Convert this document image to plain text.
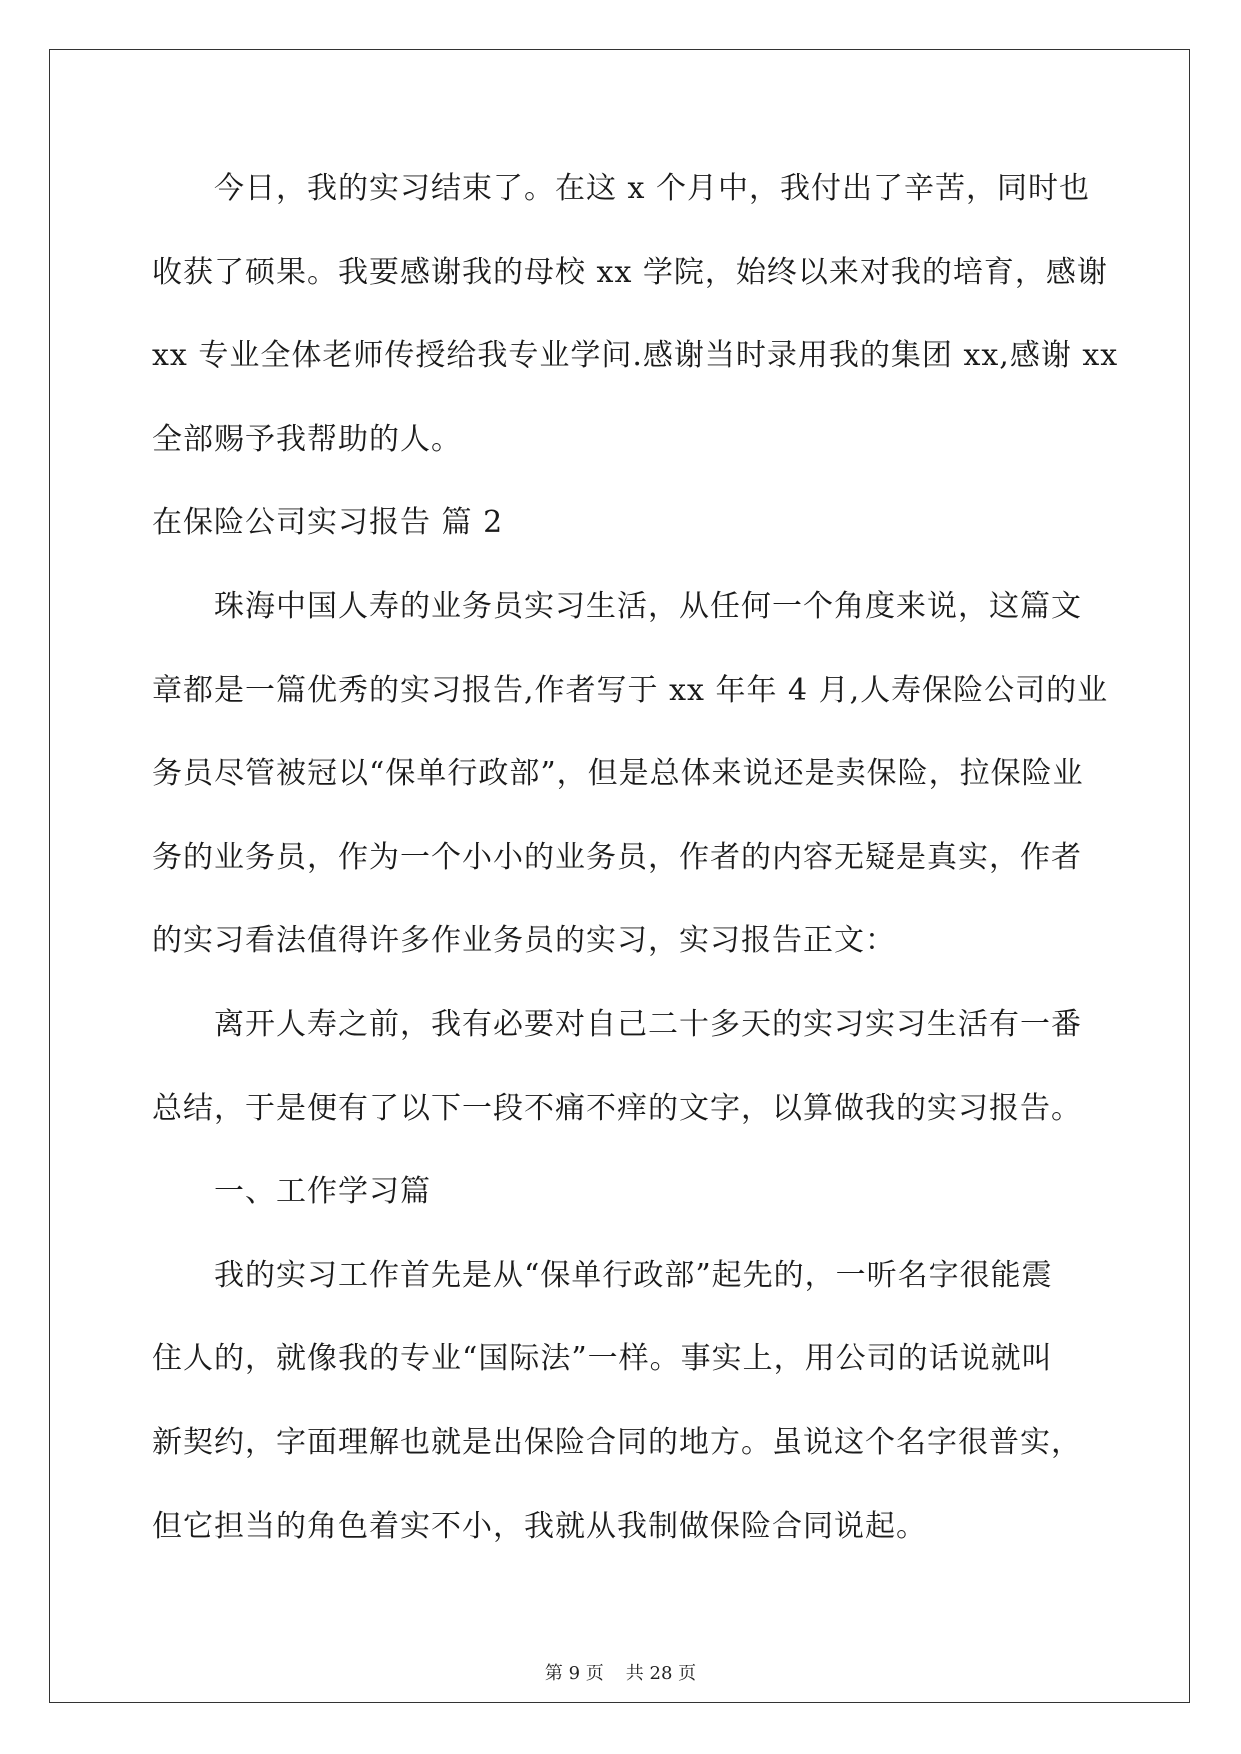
今日，我的实习结束了。在这 x 个月中，我付出了辛苦，同时也
收获了硕果。我要感谢我的母校 xx 学院，始终以来对我的培育，感谢
xx 专业全体老师传授给我专业学问.感谢当时录用我的集团 xx,感谢 xx
全部赐予我帮助的人。
在保险公司实习报告 篇 2
珠海中国人寿的业务员实习生活，从任何一个角度来说，这篇文
章都是一篇优秀的实习报告,作者写于 xx 年年 4 月,人寿保险公司的业
务员尽管被冠以“保单行政部”，但是总体来说还是卖保险，拉保险业
务的业务员，作为一个小小的业务员，作者的内容无疑是真实，作者
的实习看法值得许多作业务员的实习，实习报告正文：
离开人寿之前，我有必要对自己二十多天的实习实习生活有一番
总结，于是便有了以下一段不痛不痒的文字，以算做我的实习报告。
一、工作学习篇
我的实习工作首先是从“保单行政部”起先的，一听名字很能震
住人的，就像我的专业“国际法”一样。事实上，用公司的话说就叫
新契约，字面理解也就是出保险合同的地方。虽说这个名字很普实，
但它担当的角色着实不小，我就从我制做保险合同说起。
第 9 页 共 28 页
